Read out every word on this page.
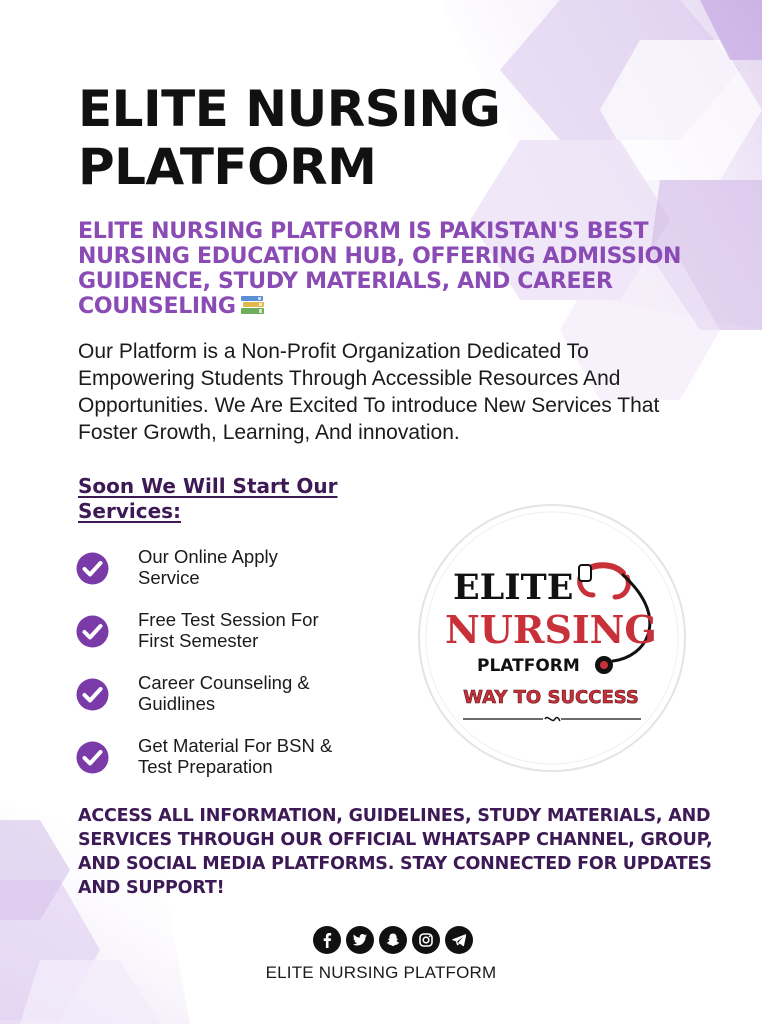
ELITE NURSING
PLATFORM

ELITE NURSING PLATFORM IS PAKISTAN'S BEST NURSING EDUCATION HUB, OFFERING ADMISSION GUIDENCE, STUDY MATERIALS, AND CAREER COUNSELING

Our Platform is a Non-Profit Organization Dedicated To Empowering Students Through Accessible Resources And Opportunities. We Are Excited To introduce New Services That Foster Growth, Learning, And innovation.

Soon We Will Start Our Services:
Our Online Apply
Service
Free Test Session For
First Semester
Career Counseling &
Guidlines
Get Material For BSN &
Test Preparation
ELITE
NURSING
PLATFORM
WAY TO SUCCESS

ACCESS ALL INFORMATION, GUIDELINES, STUDY MATERIALS, AND SERVICES THROUGH OUR OFFICIAL WHATSAPP CHANNEL, GROUP, AND SOCIAL MEDIA PLATFORMS. STAY CONNECTED FOR UPDATES AND SUPPORT!

ELITE NURSING PLATFORM
